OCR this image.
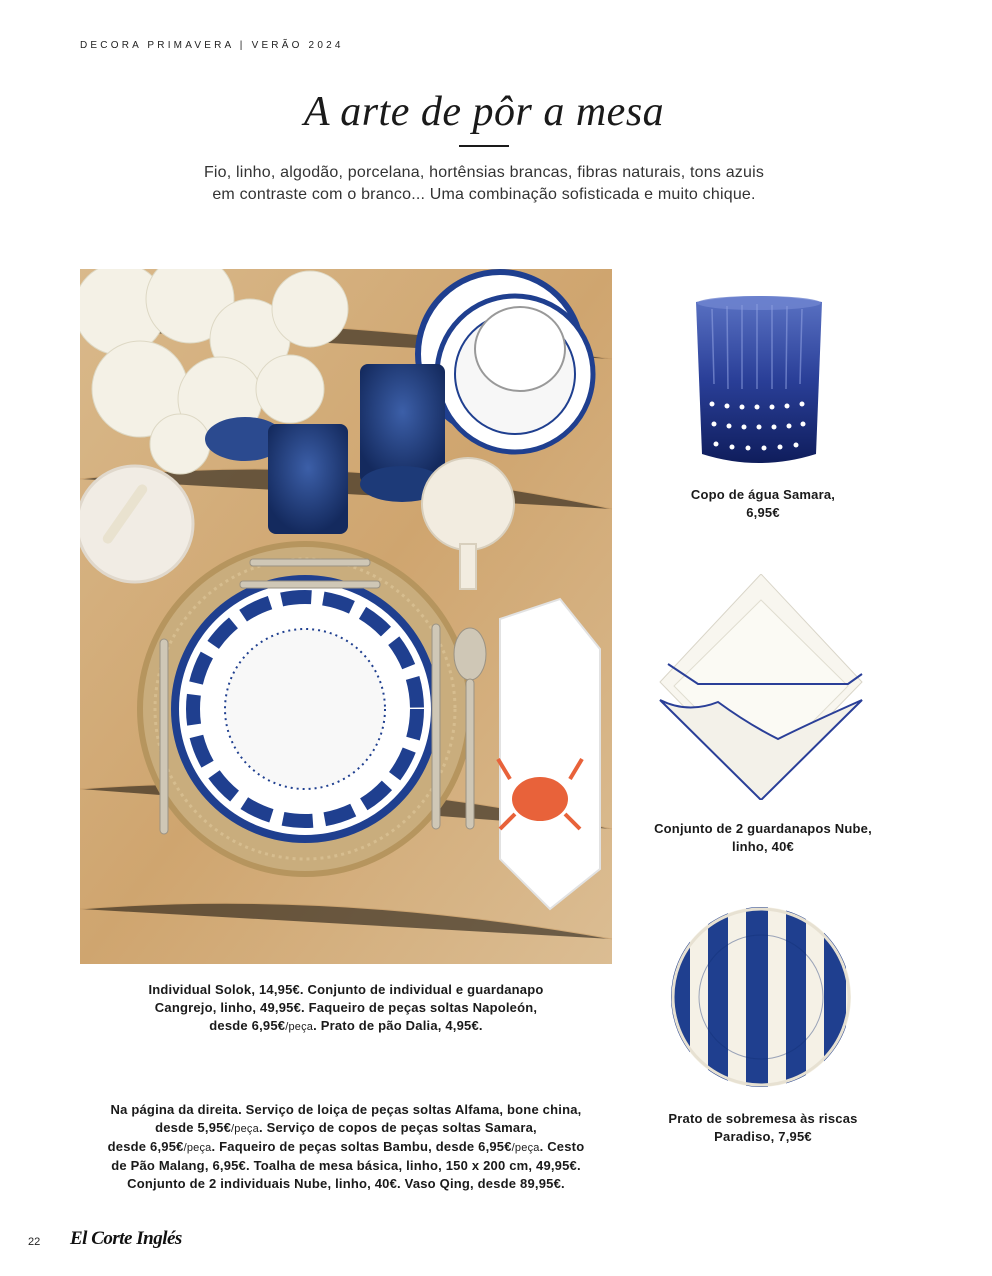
DECORA PRIMAVERA | VERÃO 2024
A arte de pôr a mesa
Fio, linho, algodão, porcelana, hortênsias brancas, fibras naturais, tons azuis
em contraste com o branco... Uma combinação sofisticada e muito chique.
Individual Solok, 14,95€. Conjunto de individual e guardanapo
Cangrejo, linho, 49,95€. Faqueiro de peças soltas Napoleón,
desde 6,95€/peça. Prato de pão Dalia, 4,95€.
Na página da direita. Serviço de loiça de peças soltas Alfama, bone china,
desde 5,95€/peça. Serviço de copos de peças soltas Samara,
desde 6,95€/peça. Faqueiro de peças soltas Bambu, desde 6,95€/peça. Cesto
de Pão Malang, 6,95€. Toalha de mesa básica, linho, 150 x 200 cm, 49,95€.
Conjunto de 2 individuais Nube, linho, 40€. Vaso Qing, desde 89,95€.
Copo de água Samara,
6,95€
Conjunto de 2 guardanapos Nube,
linho, 40€
Prato de sobremesa às riscas
Paradiso, 7,95€
22 El Corte Inglés
